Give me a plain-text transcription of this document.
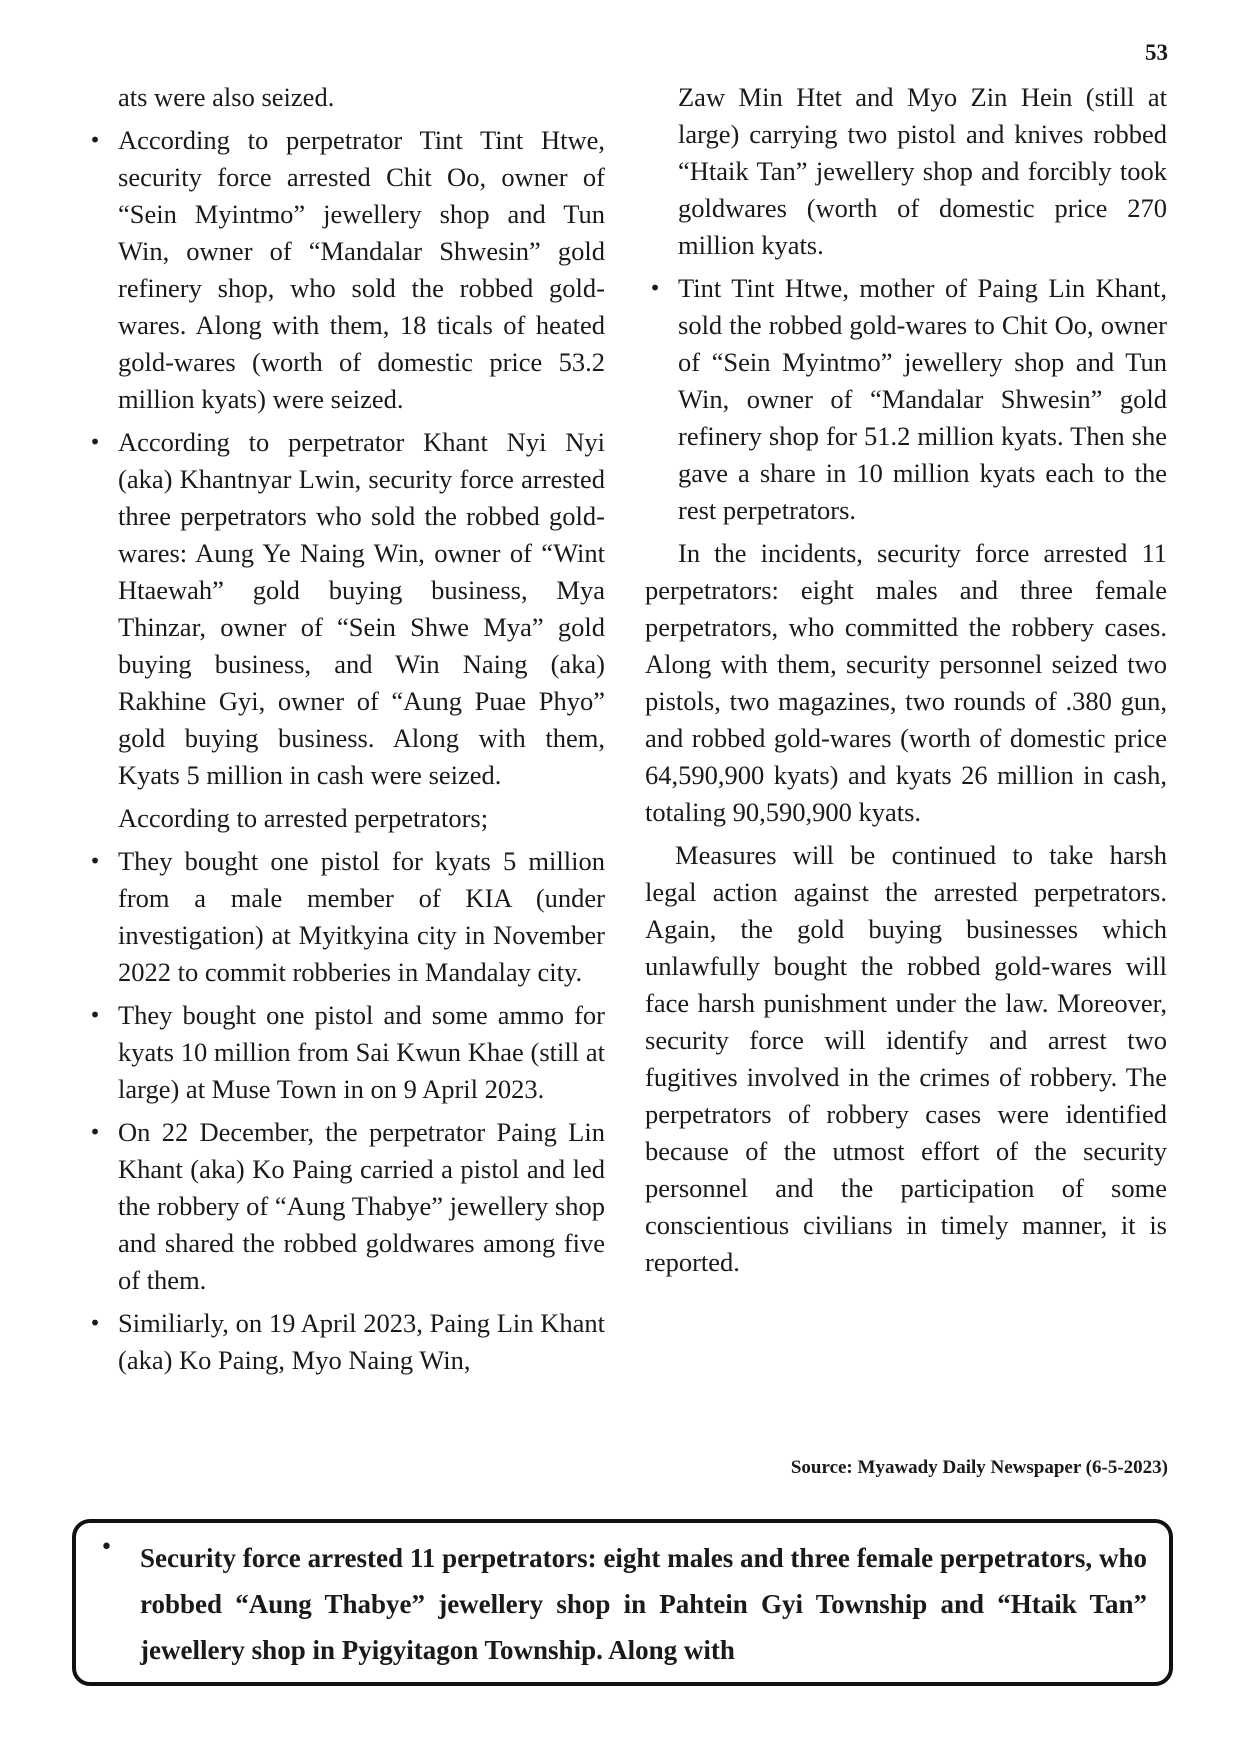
53

ats were also seized.

• According to perpetrator Tint Tint Htwe, security force arrested Chit Oo, owner of “Sein Myintmo” jewellery shop and Tun Win, owner of “Mandalar Shwesin” gold refinery shop, who sold the robbed gold-wares. Along with them, 18 ticals of heated gold-wares (worth of domestic price 53.2 million kyats) were seized.
• According to perpetrator Khant Nyi Nyi (aka) Khantnyar Lwin, security force arrested three perpetrators who sold the robbed gold-wares: Aung Ye Naing Win, owner of “Wint Htaewah” gold buying business, Mya Thinzar, owner of “Sein Shwe Mya” gold buying business, and Win Naing (aka) Rakhine Gyi, owner of “Aung Puae Phyo” gold buying business. Along with them, Kyats 5 million in cash were seized.

According to arrested perpetrators;

• They bought one pistol for kyats 5 million from a male member of KIA (under investigation) at Myitkyina city in November 2022 to commit robberies in Mandalay city.
• They bought one pistol and some ammo for kyats 10 million from Sai Kwun Khae (still at large) at Muse Town in on 9 April 2023.
• On 22 December, the perpetrator Paing Lin Khant (aka) Ko Paing carried a pistol and led the robbery of “Aung Thabye” jewellery shop and shared the robbed goldwares among five of them.
• Similiarly, on 19 April 2023, Paing Lin Khant (aka) Ko Paing, Myo Naing Win,

Zaw Min Htet and Myo Zin Hein (still at large) carrying two pistol and knives robbed “Htaik Tan” jewellery shop and forcibly took goldwares (worth of domestic price 270 million kyats.

• Tint Tint Htwe, mother of Paing Lin Khant, sold the robbed gold-wares to Chit Oo, owner of “Sein Myintmo” jewellery shop and Tun Win, owner of “Mandalar Shwesin” gold refinery shop for 51.2 million kyats. Then she gave a share in 10 million kyats each to the rest perpetrators.

In the incidents, security force arrested 11 perpetrators: eight males and three female perpetrators, who committed the robbery cases. Along with them, security personnel seized two pistols, two magazines, two rounds of .380 gun, and robbed gold-wares (worth of domestic price 64,590,900 kyats) and kyats 26 million in cash, totaling 90,590,900 kyats.

Measures will be continued to take harsh legal action against the arrested perpetrators. Again, the gold buying businesses which unlawfully bought the robbed gold-wares will face harsh punishment under the law. Moreover, security force will identify and arrest two fugitives involved in the crimes of robbery. The perpetrators of robbery cases were identified because of the utmost effort of the security personnel and the participation of some conscientious civilians in timely manner, it is reported.

Source: Myawady Daily Newspaper (6-5-2023)
• Security force arrested 11 perpetrators: eight males and three female perpetrators, who robbed “Aung Thabye” jewellery shop in Pahtein Gyi Township and “Htaik Tan” jewellery shop in Pyigyitagon Township. Along with
